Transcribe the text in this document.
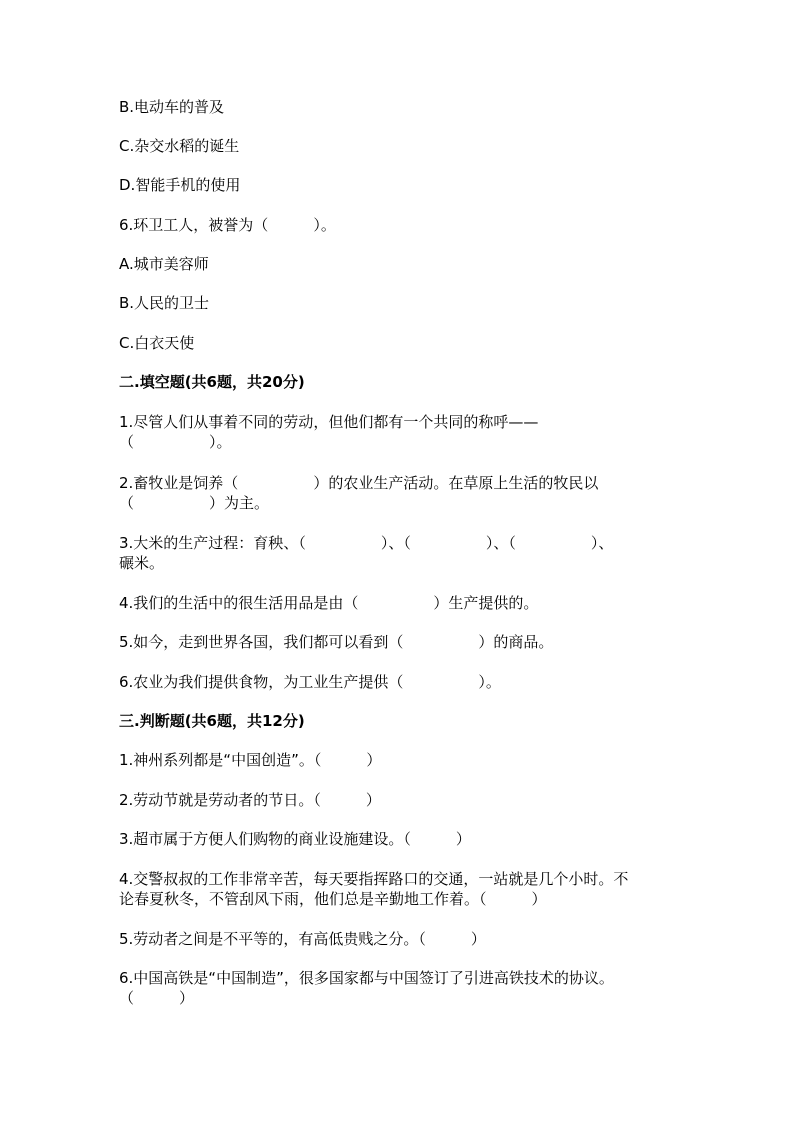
B.电动车的普及

C.杂交水稻的诞生

D.智能手机的使用

6.环卫工人，被誉为（　　　）。

A.城市美容师

B.人民的卫士

C.白衣天使

二.填空题(共6题，共20分)

1.尽管人们从事着不同的劳动，但他们都有一个共同的称呼——

（　　　　　）。

2.畜牧业是饲养（　　　　　）的农业生产活动。在草原上生活的牧民以

（　　　　　）为主。

3.大米的生产过程：育秧、（　　　　　）、（　　　　　）、（　　　　　）、

碾米。

4.我们的生活中的很生活用品是由（　　　　　）生产提供的。

5.如今，走到世界各国，我们都可以看到（　　　　　）的商品。

6.农业为我们提供食物，为工业生产提供（　　　　　）。

三.判断题(共6题，共12分)

1.神州系列都是“中国创造”。（　　　）

2.劳动节就是劳动者的节日。（　　　）

3.超市属于方便人们购物的商业设施建设。（　　　）

4.交警叔叔的工作非常辛苦，每天要指挥路口的交通，一站就是几个小时。不

论春夏秋冬，不管刮风下雨，他们总是辛勤地工作着。（　　　）

5.劳动者之间是不平等的，有高低贵贱之分。（　　　）

6.中国高铁是“中国制造”，很多国家都与中国签订了引进高铁技术的协议。

（　　　）
